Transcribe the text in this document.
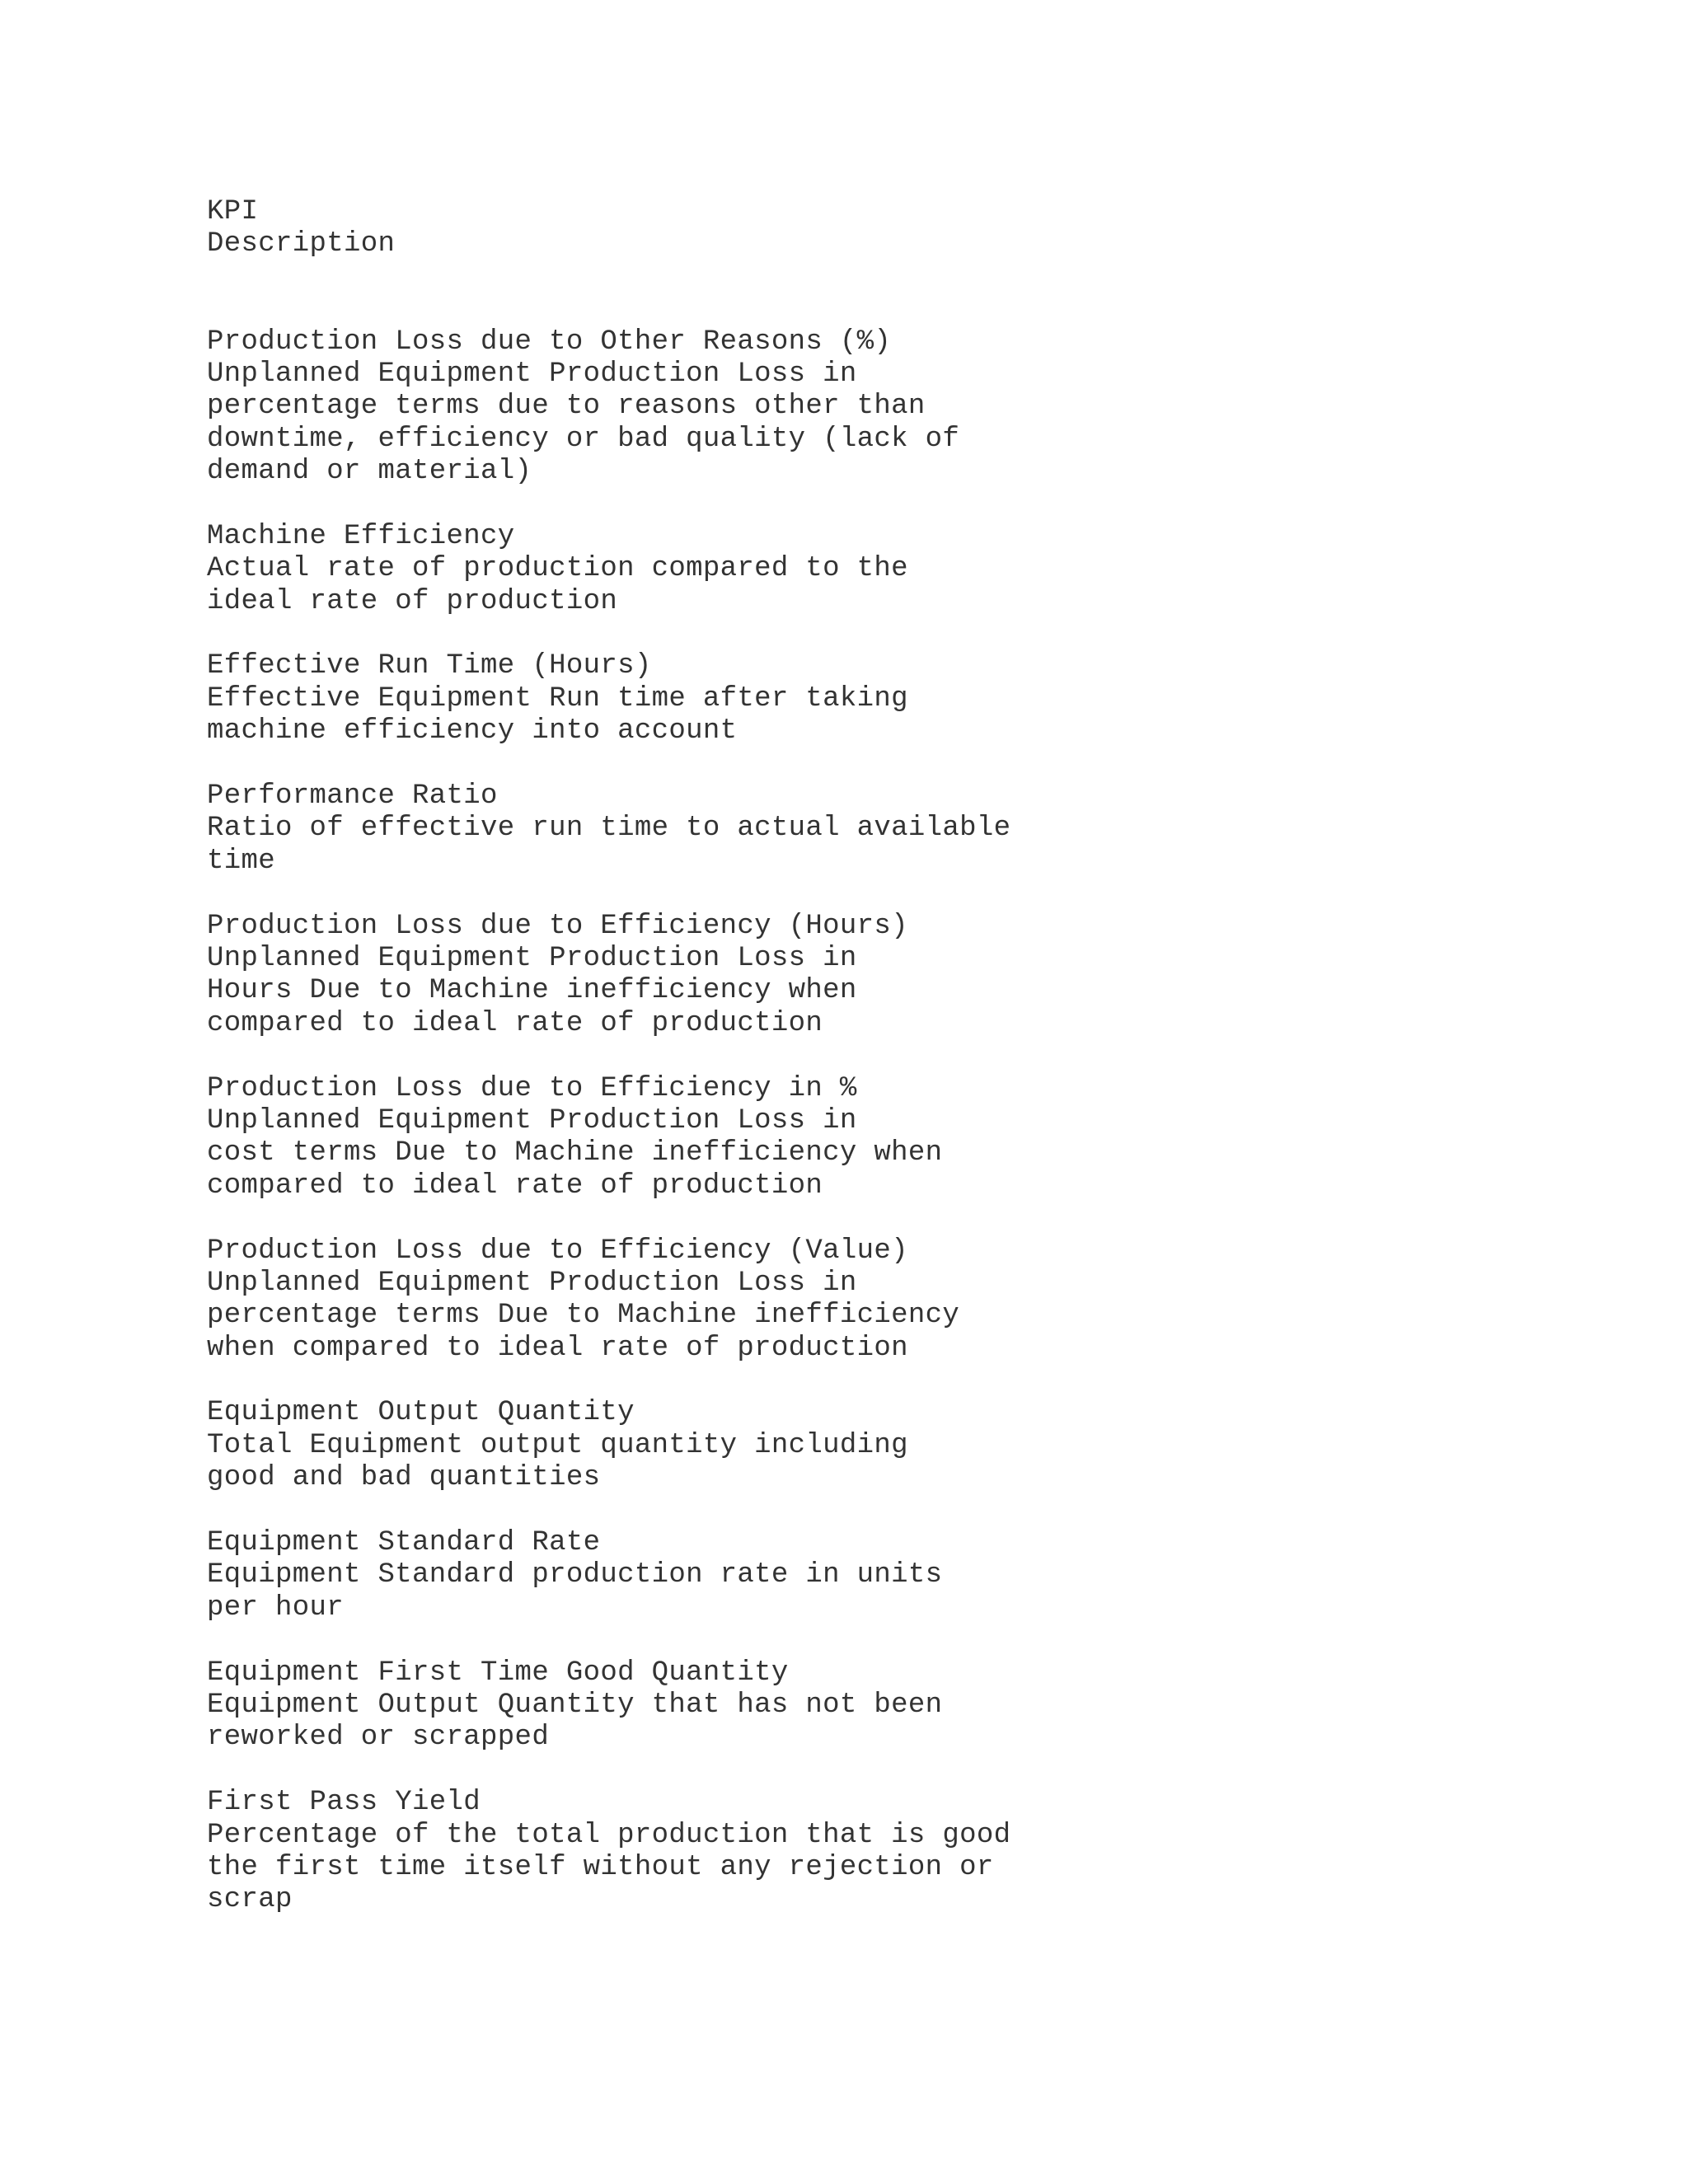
KPI
Description
Production Loss due to Other Reasons (%)
Unplanned Equipment Production Loss in
percentage terms due to reasons other than
downtime, efficiency or bad quality (lack of
demand or material)
Machine Efficiency
Actual rate of production compared to the
ideal rate of production
Effective Run Time (Hours)
Effective Equipment Run time after taking
machine efficiency into account
Performance Ratio
Ratio of effective run time to actual available
time
Production Loss due to Efficiency (Hours)
Unplanned Equipment Production Loss in
Hours Due to Machine inefficiency when
compared to ideal rate of production
Production Loss due to Efficiency in %
Unplanned Equipment Production Loss in
cost terms Due to Machine inefficiency when
compared to ideal rate of production
Production Loss due to Efficiency (Value)
Unplanned Equipment Production Loss in
percentage terms Due to Machine inefficiency
when compared to ideal rate of production
Equipment Output Quantity
Total Equipment output quantity including
good and bad quantities
Equipment Standard Rate
Equipment Standard production rate in units
per hour
Equipment First Time Good Quantity
Equipment Output Quantity that has not been
reworked or scrapped
First Pass Yield
Percentage of the total production that is good
the first time itself without any rejection or
scrap
